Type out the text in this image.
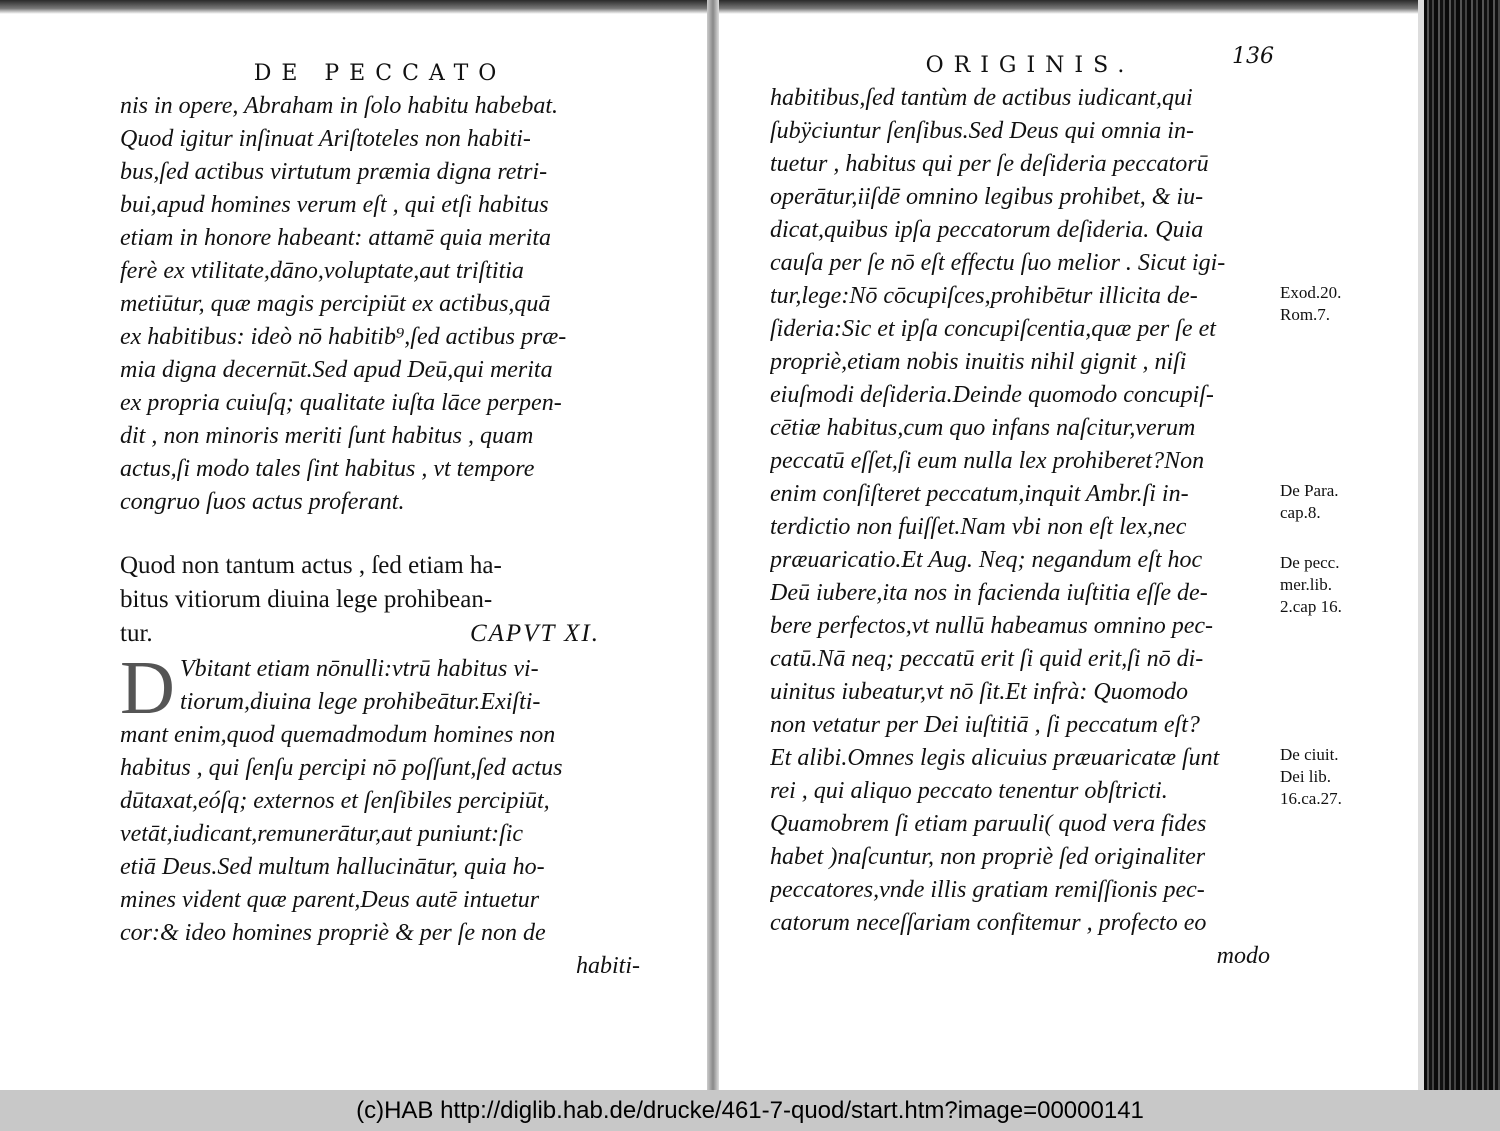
DE PECCATO
nis in opere, Abraham in ſolo habitu habebat.
Quod igitur inſinuat Ariſtoteles non habiti-
bus,ſed actibus virtutum præmia digna retri-
bui,apud homines verum eſt , qui etſi habitus
etiam in honore habeant: attamē quia merita
ferè ex vtilitate,dāno,voluptate,aut triſtitia
metiūtur, quæ magis percipiūt ex actibus,quā
ex habitibus: ideò nō habitib⁹,ſed actibus præ-
mia digna decernūt.Sed apud Deū,qui merita
ex propria cuiuſq; qualitate iuſta lāce perpen-
dit , non minoris meriti ſunt habitus , quam
actus,ſi modo tales ſint habitus , vt tempore
congruo ſuos actus proferant.
Quod non tantum actus , ſed etiam ha-
bitus vitiorum diuina lege prohibean-
tur.	CAPVT XI.
D Vbitant etiam nōnulli:vtrū habitus vi-
tiorum,diuina lege prohibeātur.Exiſti-
mant enim,quod quemadmodum homines non
habitus , qui ſenſu percipi nō poſſunt,ſed actus
dūtaxat,eóſq; externos et ſenſibiles percipiūt,
vetāt,iudicant,remunerātur,aut puniunt:ſic
etiā Deus.Sed multum hallucinātur, quia ho-
mines vident quæ parent,Deus autē intuetur
cor:& ideo homines propriè & per ſe non de
habiti-
ORIGINIS.
habitibus,ſed tantùm de actibus iudicant,qui
ſubÿciuntur ſenſibus.Sed Deus qui omnia in-
tuetur , habitus qui per ſe deſideria peccatorū
operātur,iiſdē omnino legibus prohibet, & iu-
dicat,quibus ipſa peccatorum deſideria. Quia
cauſa per ſe nō eſt effectu ſuo melior . Sicut igi-
tur,lege:Nō cōcupiſces,prohibētur illicita de-
ſideria:Sic et ipſa concupiſcentia,quæ per ſe et
propriè,etiam nobis inuitis nihil gignit , niſi
eiuſmodi deſideria.Deinde quomodo concupiſ-
cētiæ habitus,cum quo infans naſcitur,verum
peccatū eſſet,ſi eum nulla lex prohiberet?Non
enim conſiſteret peccatum,inquit Ambr.ſi in-
terdictio non fuiſſet.Nam vbi non eſt lex,nec
præuaricatio.Et Aug. Neq; negandum eſt hoc
Deū iubere,ita nos in facienda iuſtitia eſſe de-
bere perfectos,vt nullū habeamus omnino pec-
catū.Nā neq; peccatū erit ſi quid erit,ſi nō di-
uinitus iubeatur,vt nō ſit.Et infrà: Quomodo
non vetatur per Dei iuſtitiā , ſi peccatum eſt?
Et alibi.Omnes legis alicuius præuaricatæ ſunt
rei , qui aliquo peccato tenentur obſtricti.
Quamobrem ſi etiam paruuli( quod vera fides
habet )naſcuntur, non propriè ſed originaliter
peccatores,vnde illis gratiam remiſſionis pec-
catorum neceſſariam confitemur , profecto eo
modo
136
Exod.20.
Rom.7.
De Para.
cap.8.
De pecc.
mer.lib.
2.cap 16.
De ciuit.
Dei lib.
16.ca.27.
(c)HAB http://diglib.hab.de/drucke/461-7-quod/start.htm?image=00000141
